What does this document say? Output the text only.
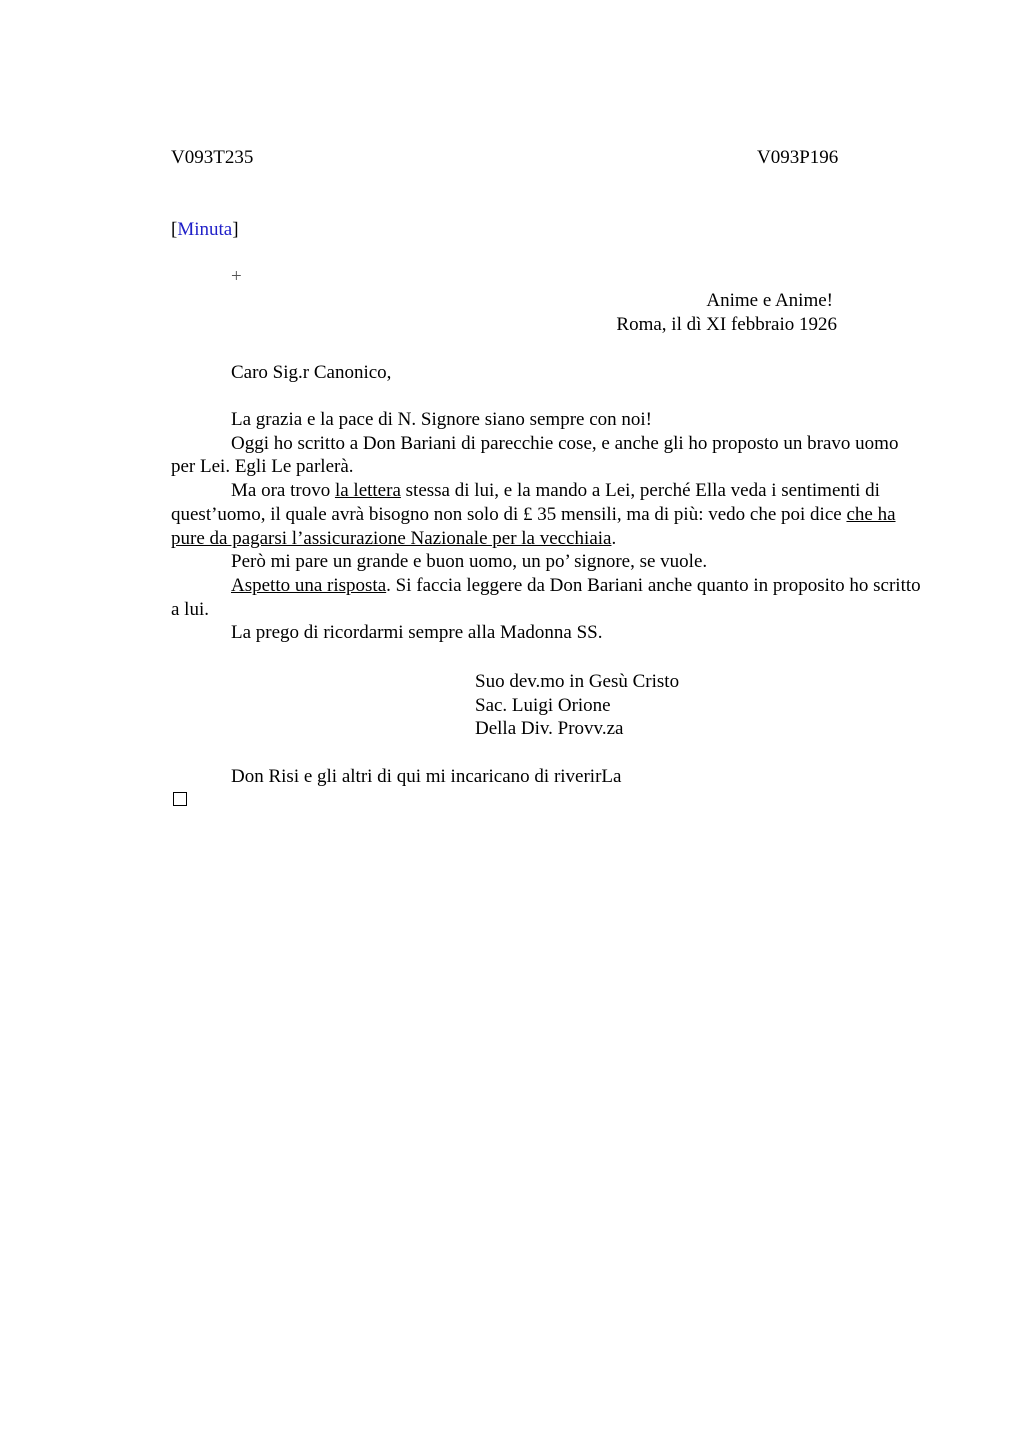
V093T235	V093P196
[Minuta]
+
Anime e Anime!
Roma, il dì XI febbraio 1926
Caro Sig.r Canonico,

La grazia e la pace di N. Signore siano sempre con noi!

Oggi ho scritto a Don Bariani di parecchie cose, e anche gli ho proposto un bravo uomo per Lei. Egli Le parlerà.

Ma ora trovo la lettera stessa di lui, e la mando a Lei, perché Ella veda i sentimenti di quest’uomo, il quale avrà bisogno non solo di £ 35 mensili, ma di più: vedo che poi dice che ha pure da pagarsi l’assicurazione Nazionale per la vecchiaia.

Però mi pare un grande e buon uomo, un po’ signore, se vuole.

Aspetto una risposta. Si faccia leggere da Don Bariani anche quanto in proposito ho scritto a lui.

La prego di ricordarmi sempre alla Madonna SS.

Suo dev.mo in Gesù Cristo
Sac. Luigi Orione
Della Div. Provv.za
Don Risi e gli altri di qui mi incaricano di riverirLa
